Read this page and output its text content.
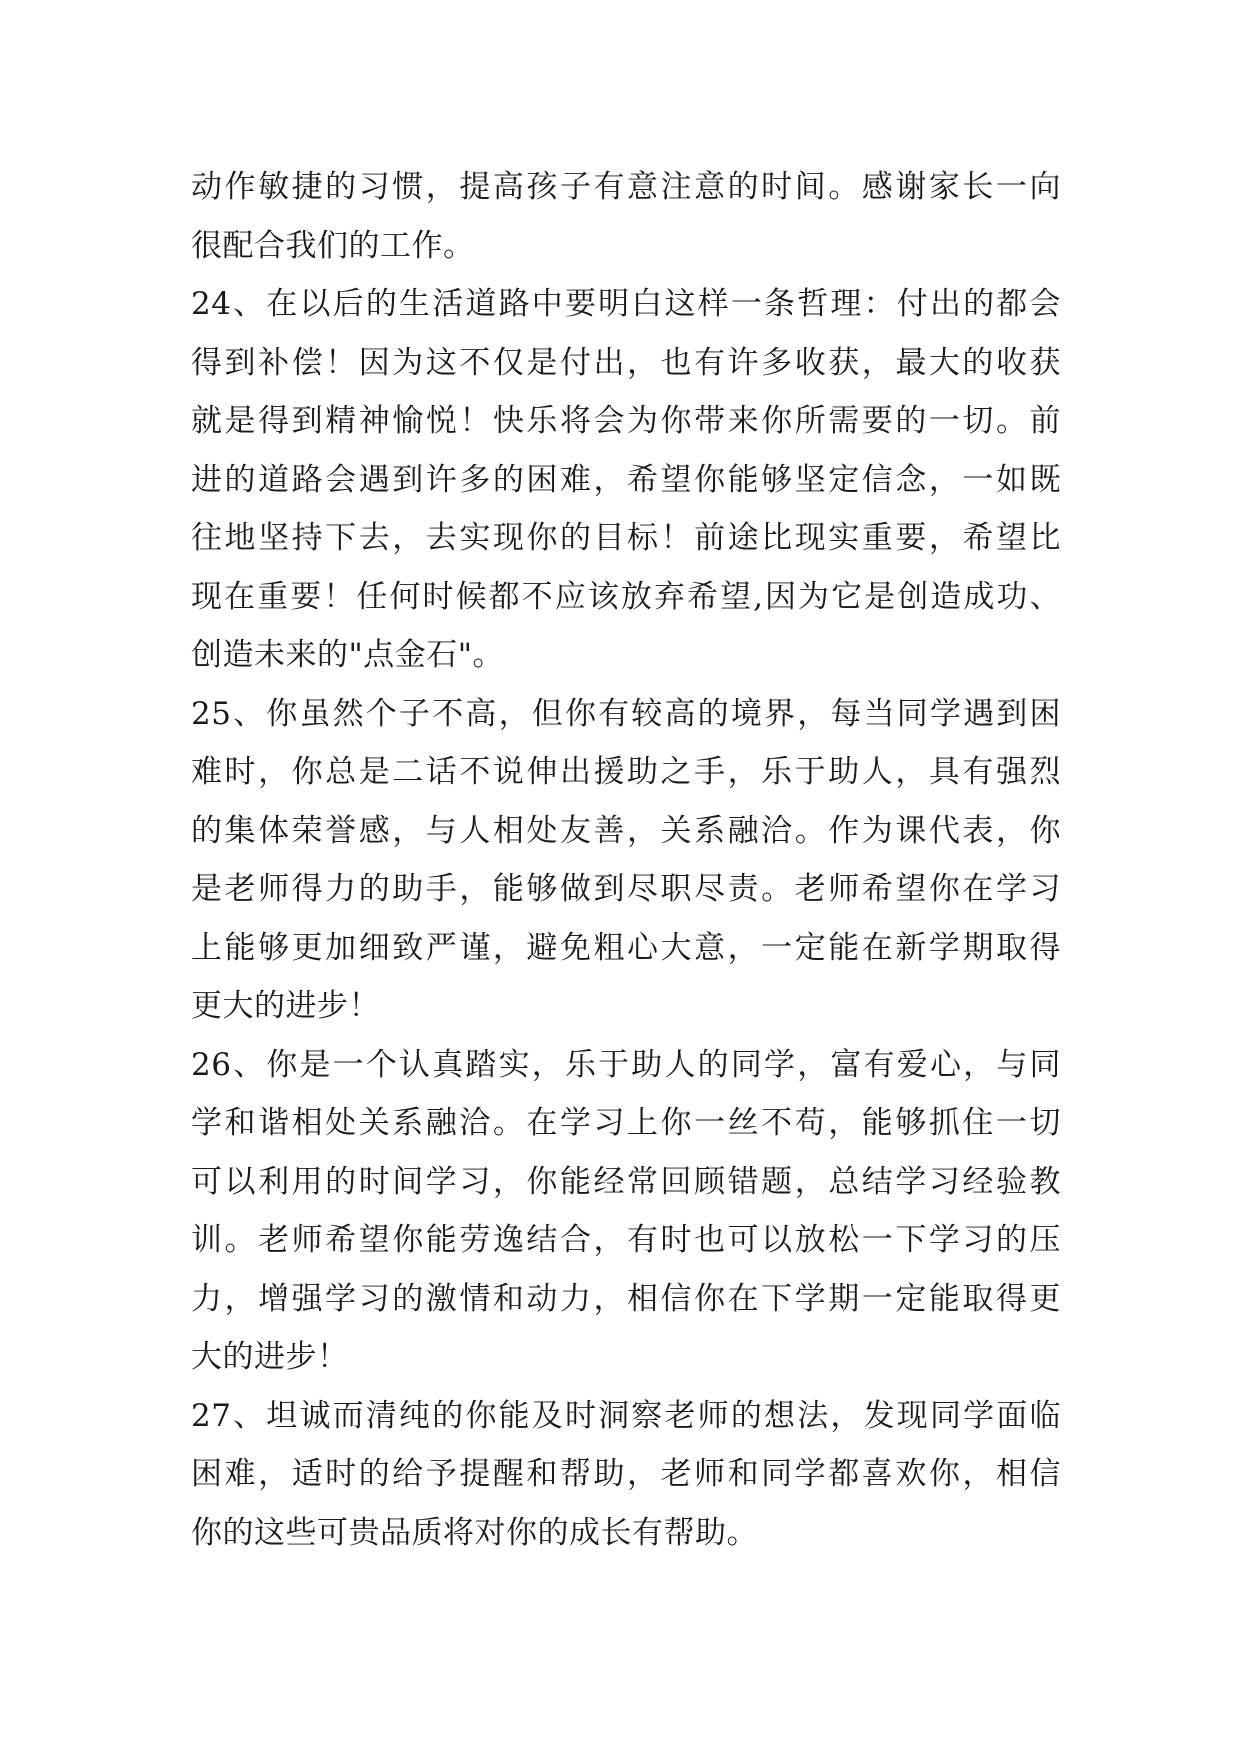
动作敏捷的习惯，提高孩子有意注意的时间。感谢家长一向
很配合我们的工作。
24、在以后的生活道路中要明白这样一条哲理：付出的都会
得到补偿！因为这不仅是付出，也有许多收获，最大的收获
就是得到精神愉悦！快乐将会为你带来你所需要的一切。前
进的道路会遇到许多的困难，希望你能够坚定信念，一如既
往地坚持下去，去实现你的目标！前途比现实重要，希望比
现在重要！任何时候都不应该放弃希望,因为它是创造成功、
创造未来的"点金石"。
25、你虽然个子不高，但你有较高的境界，每当同学遇到困
难时，你总是二话不说伸出援助之手，乐于助人，具有强烈
的集体荣誉感，与人相处友善，关系融洽。作为课代表，你
是老师得力的助手，能够做到尽职尽责。老师希望你在学习
上能够更加细致严谨，避免粗心大意，一定能在新学期取得
更大的进步！
26、你是一个认真踏实，乐于助人的同学，富有爱心，与同
学和谐相处关系融洽。在学习上你一丝不苟，能够抓住一切
可以利用的时间学习，你能经常回顾错题，总结学习经验教
训。老师希望你能劳逸结合，有时也可以放松一下学习的压
力，增强学习的激情和动力，相信你在下学期一定能取得更
大的进步！
27、坦诚而清纯的你能及时洞察老师的想法，发现同学面临
困难，适时的给予提醒和帮助，老师和同学都喜欢你，相信
你的这些可贵品质将对你的成长有帮助。
